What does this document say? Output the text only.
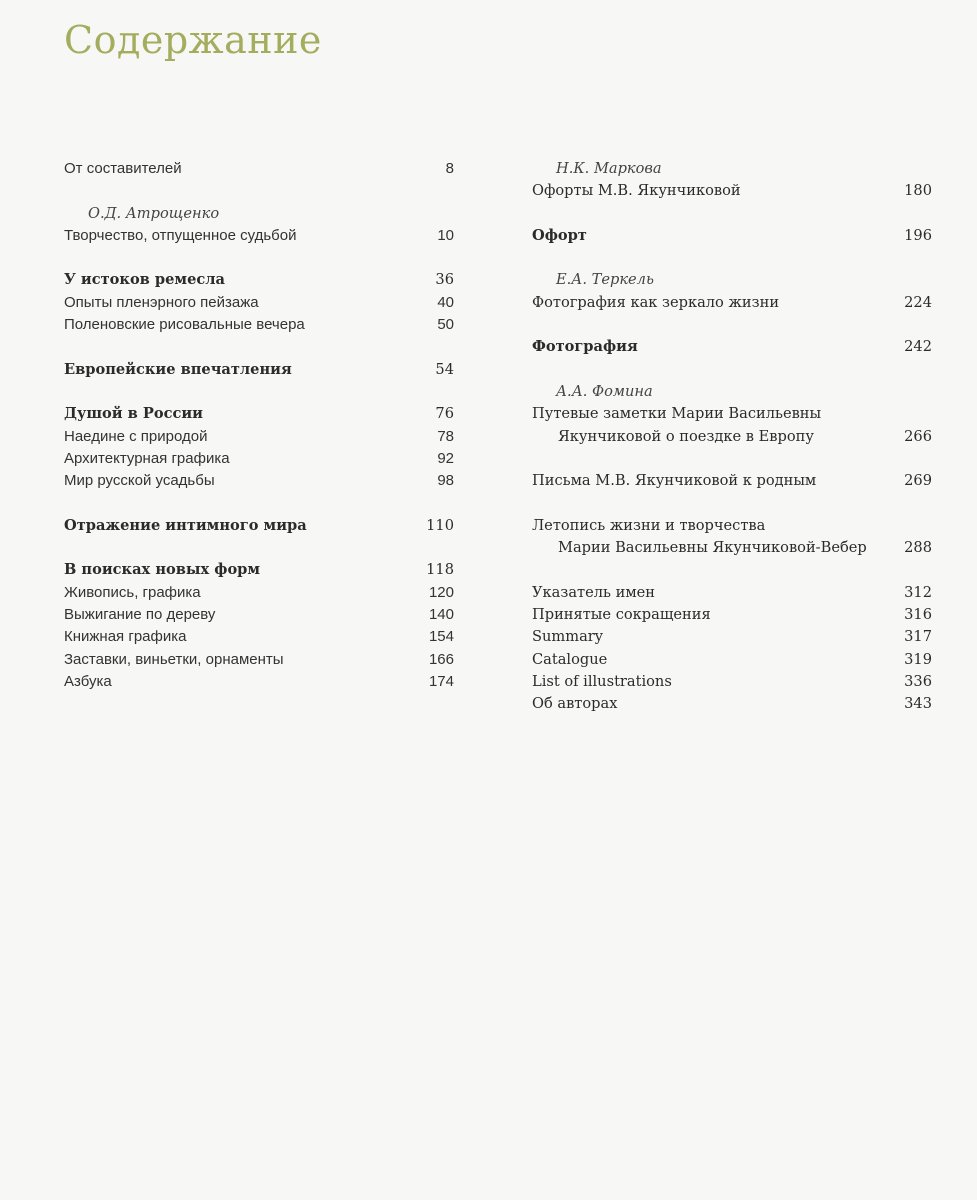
Содержание
От составителей	8
О.Д. Атрощенко
Творчество, отпущенное судьбой	10
У истоков ремесла	36
Опыты пленэрного пейзажа	40
Поленовские рисовальные вечера	50
Европейские впечатления	54
Душой в России	76
Наедине с природой	78
Архитектурная графика	92
Мир русской усадьбы	98
Отражение интимного мира	110
В поисках новых форм	118
Живопись, графика	120
Выжигание по дереву	140
Книжная графика	154
Заставки, виньетки, орнаменты	166
Азбука	174
Н.К. Маркова
Офорты М.В. Якунчиковой	180
Офорт	196
Е.А. Теркель
Фотография как зеркало жизни	224
Фотография	242
А.А. Фомина
Путевые заметки Марии Васильевны
Якунчиковой о поездке в Европу	266
Письма М.В. Якунчиковой к родным	269
Летопись жизни и творчества
Марии Васильевны Якунчиковой-Вебер	288
Указатель имен	312
Принятые сокращения	316
Summary	317
Catalogue	319
List of illustrations	336
Об авторах	343
